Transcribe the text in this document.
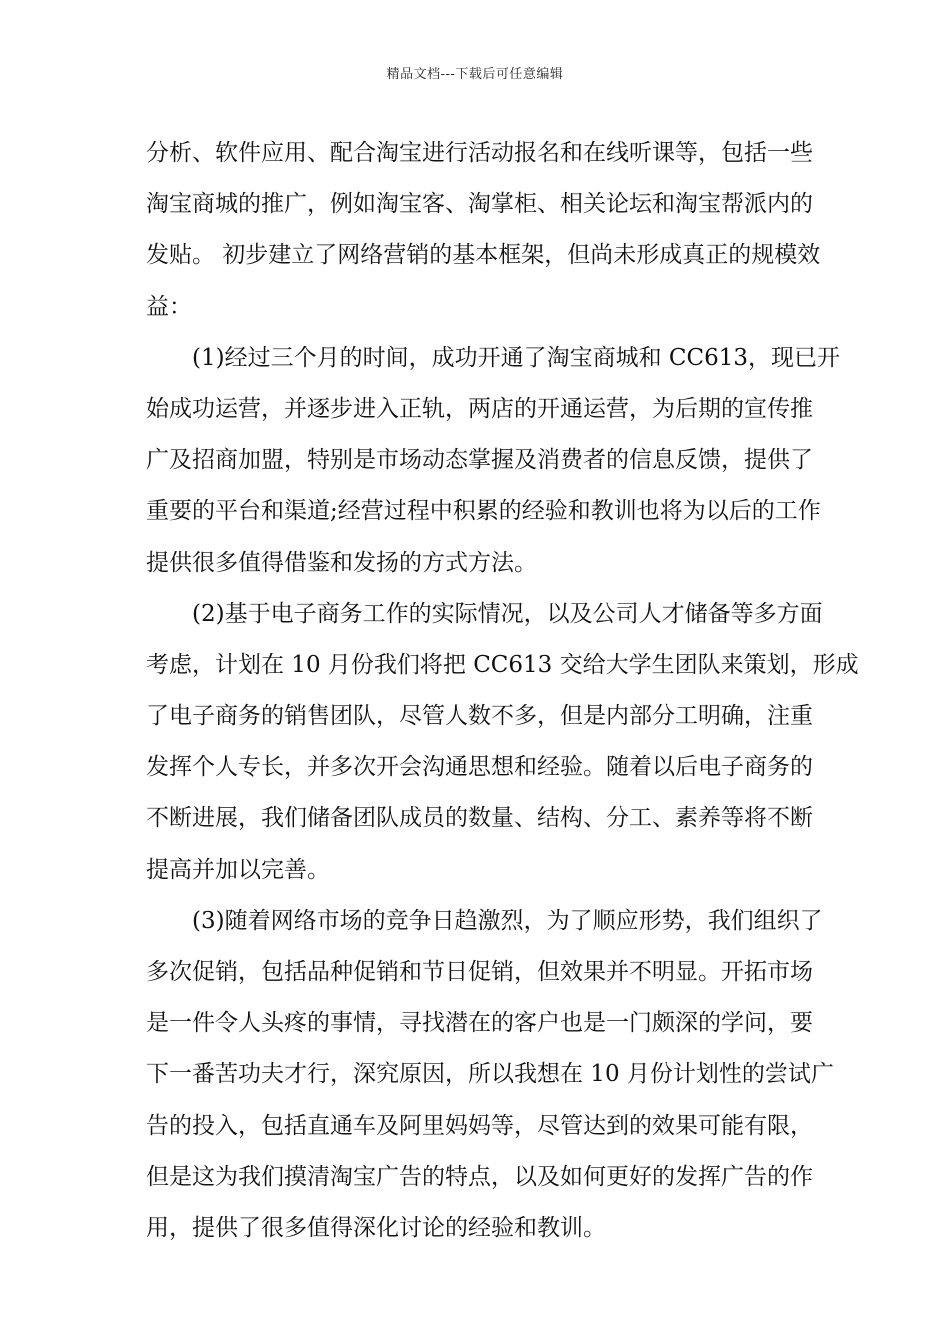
精品文档---下载后可任意编辑
分析、软件应用、配合淘宝进行活动报名和在线听课等，包括一些
淘宝商城的推广，例如淘宝客、淘掌柜、相关论坛和淘宝帮派内的
发贴。 初步建立了网络营销的基本框架，但尚未形成真正的规模效
益：
　　(1)经过三个月的时间，成功开通了淘宝商城和 CC613，现已开
始成功运营，并逐步进入正轨，两店的开通运营，为后期的宣传推
广及招商加盟，特别是市场动态掌握及消费者的信息反馈，提供了
重要的平台和渠道;经营过程中积累的经验和教训也将为以后的工作
提供很多值得借鉴和发扬的方式方法。
　　(2)基于电子商务工作的实际情况，以及公司人才储备等多方面
考虑，计划在 10 月份我们将把 CC613 交给大学生团队来策划，形成
了电子商务的销售团队，尽管人数不多，但是内部分工明确，注重
发挥个人专长，并多次开会沟通思想和经验。随着以后电子商务的
不断进展，我们储备团队成员的数量、结构、分工、素养等将不断
提高并加以完善。
　　(3)随着网络市场的竞争日趋激烈，为了顺应形势，我们组织了
多次促销，包括品种促销和节日促销，但效果并不明显。开拓市场
是一件令人头疼的事情，寻找潜在的客户也是一门颇深的学问，要
下一番苦功夫才行，深究原因，所以我想在 10 月份计划性的尝试广
告的投入，包括直通车及阿里妈妈等，尽管达到的效果可能有限，
但是这为我们摸清淘宝广告的特点，以及如何更好的发挥广告的作
用，提供了很多值得深化讨论的经验和教训。
